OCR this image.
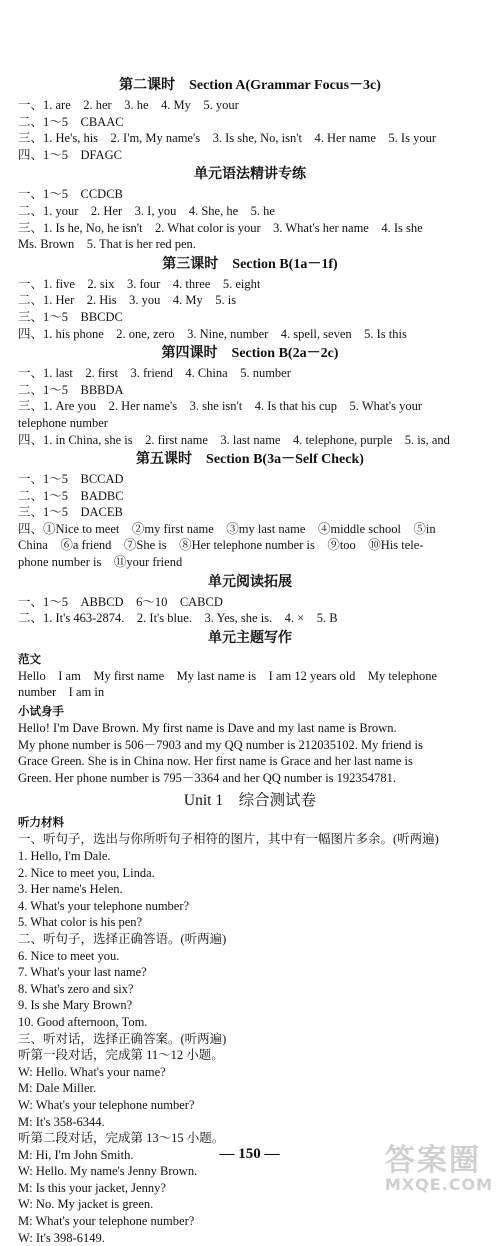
第二课时　Section A(Grammar Focus－3c)
一、1. are　2. her　3. he　4. My　5. your
二、1～5　CBAAC
三、1. He's, his　2. I'm, My name's　3. Is she, No, isn't　4. Her name　5. Is your
四、1～5　DFAGC
单元语法精讲专练
一、1～5　CCDCB
二、1. your　2. Her　3. I, you　4. She, he　5. he
三、1. Is he, No, he isn't　2. What color is your　3. What's her name　4. Is she
Ms. Brown　5. That is her red pen.
第三课时　Section B(1a－1f)
一、1. five　2. six　3. four　4. three　5. eight
二、1. Her　2. His　3. you　4. My　5. is
三、1～5　BBCDC
四、1. his phone　2. one, zero　3. Nine, number　4. spell, seven　5. Is this
第四课时　Section B(2a－2c)
一、1. last　2. first　3. friend　4. China　5. number
二、1～5　BBBDA
三、1. Are you　2. Her name's　3. she isn't　4. Is that his cup　5. What's your
telephone number
四、1. in China, she is　2. first name　3. last name　4. telephone, purple　5. is, and
第五课时　Section B(3a－Self Check)
一、1～5　BCCAD
二、1～5　BADBC
三、1～5　DACEB
四、①Nice to meet　②my first name　③my last name　④middle school　⑤in
China　⑥a friend　⑦She is　⑧Her telephone number is　⑨too　⑩His tele-
phone number is　⑪your friend
单元阅读拓展
一、1～5　ABBCD　6～10　CABCD
二、1. It's 463-2874.　2. It's blue.　3. Yes, she is.　4. ×　5. B
单元主题写作
范文
Hello　I am　My first name　My last name is　I am 12 years old　My telephone
number　I am in
小试身手
Hello! I'm Dave Brown. My first name is Dave and my last name is Brown.
My phone number is 506－7903 and my QQ number is 212035102. My friend is
Grace Green. She is in China now. Her first name is Grace and her last name is
Green. Her phone number is 795－3364 and her QQ number is 192354781.
Unit 1　综合测试卷
听力材料
一、听句子，选出与你所听句子相符的图片，其中有一幅图片多余。(听两遍)
1. Hello, I'm Dale.
2. Nice to meet you, Linda.
3. Her name's Helen.
4. What's your telephone number?
5. What color is his pen?
二、听句子，选择正确答语。(听两遍)
6. Nice to meet you.
7. What's your last name?
8. What's zero and six?
9. Is she Mary Brown?
10. Good afternoon, Tom.
三、听对话，选择正确答案。(听两遍)
听第一段对话，完成第 11～12 小题。
W: Hello. What's your name?
M: Dale Miller.
W: What's your telephone number?
M: It's 358-6344.
听第二段对话，完成第 13～15 小题。
M: Hi, I'm John Smith.
W: Hello. My name's Jenny Brown.
M: Is this your jacket, Jenny?
W: No. My jacket is green.
M: What's your telephone number?
W: It's 398-6149.
— 150 —	答案圈
MXQE.COM
